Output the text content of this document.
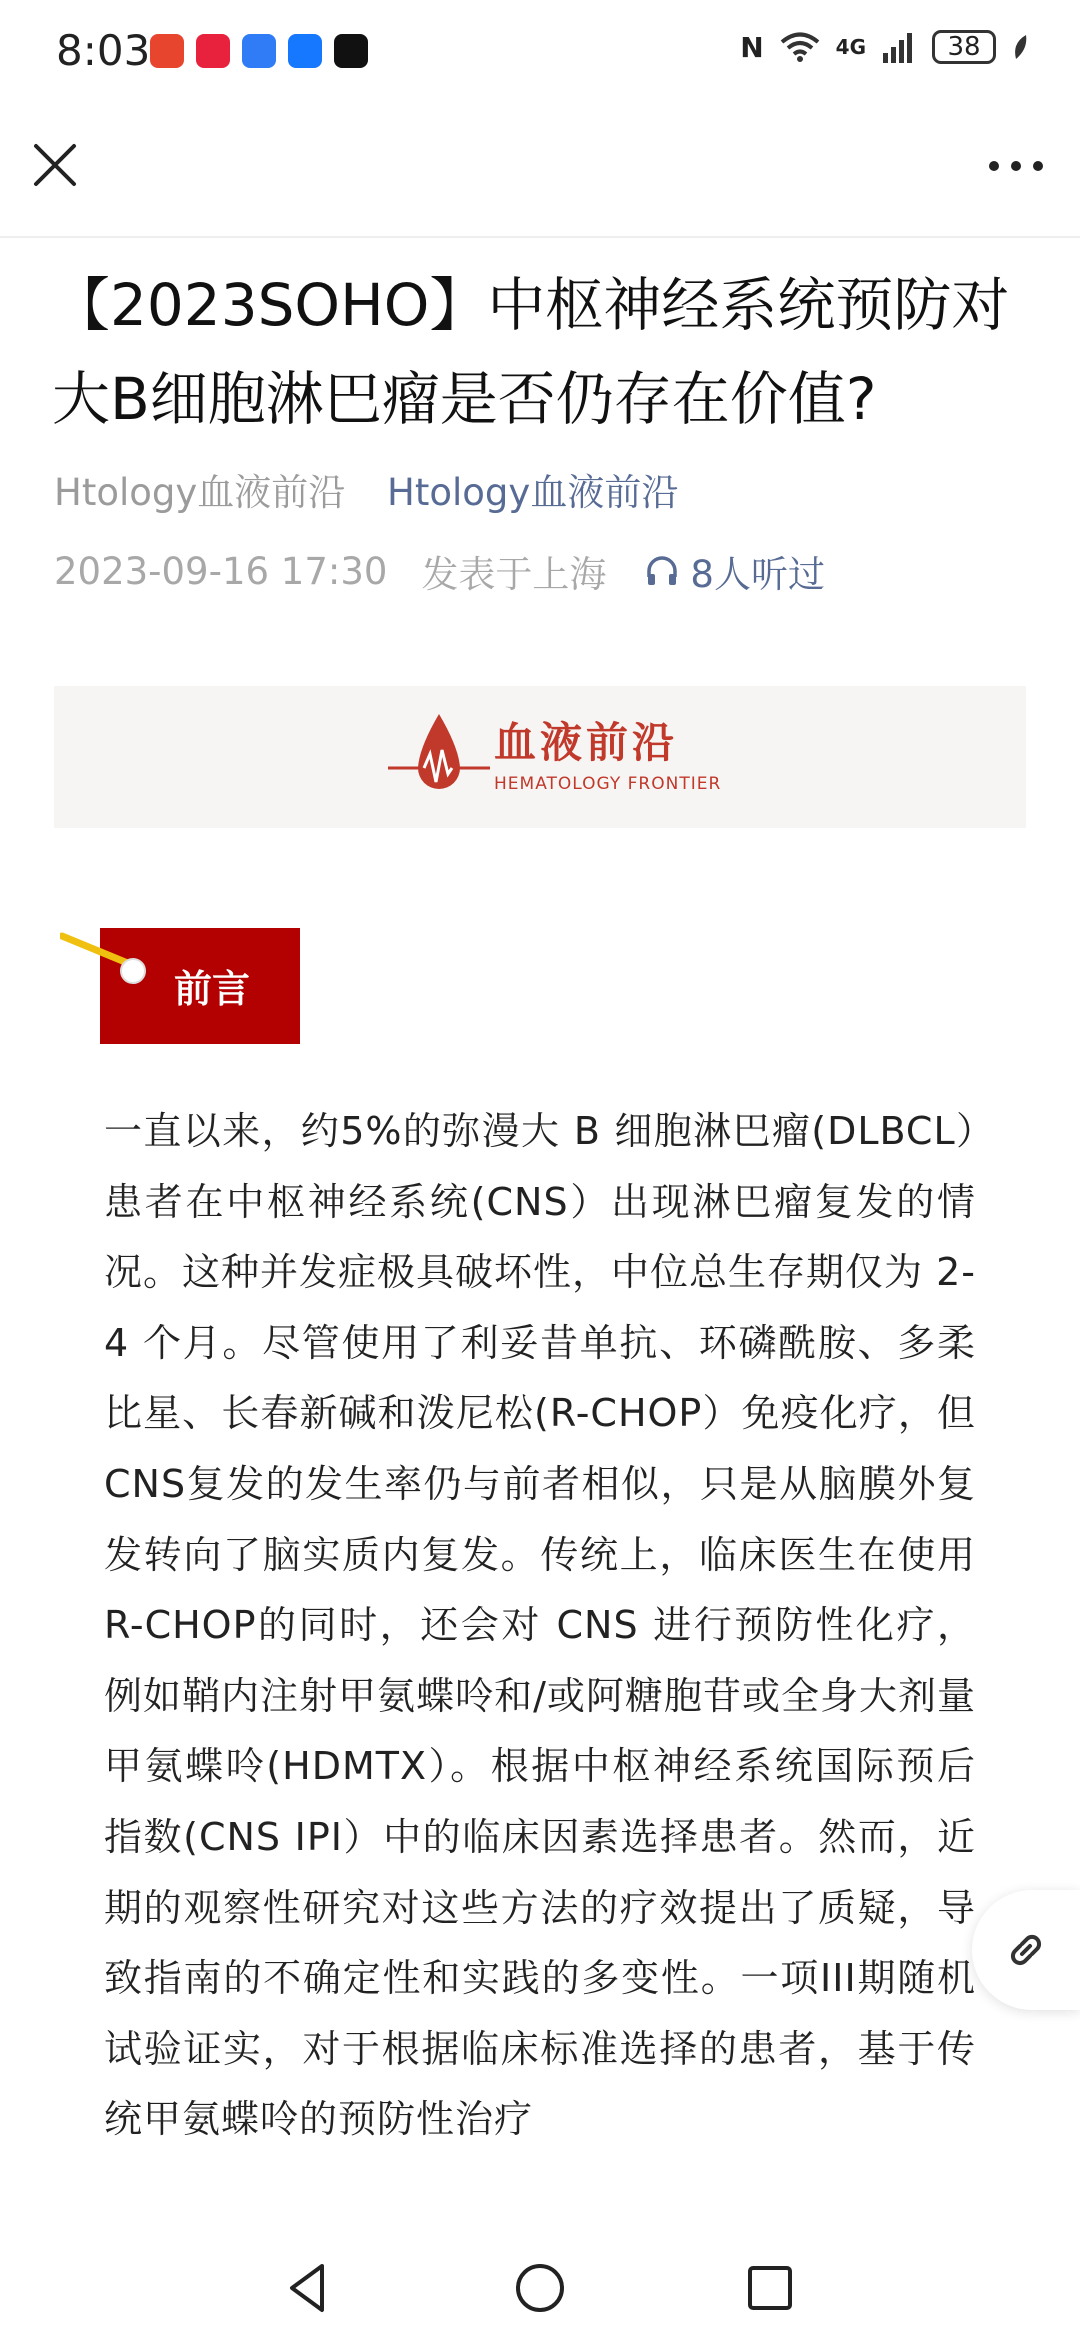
8:03	N	4G	38
【2023SOHO】中枢神经系统预防对大B细胞淋巴瘤是否仍存在价值?
Htology血液前沿 Htology血液前沿
2023-09-16 17:30 发表于上海 8人听过
血液前沿
HEMATOLOGY FRONTIER
前言

一直以来，约5%的弥漫大 B 细胞淋巴瘤(DLBCL）患者在中枢神经系统(CNS）出现淋巴瘤复发的情况。这种并发症极具破坏性，中位总生存期仅为 2-4 个月。尽管使用了利妥昔单抗、环磷酰胺、多柔比星、长春新碱和泼尼松(R-CHOP）免疫化疗，但CNS复发的发生率仍与前者相似，只是从脑膜外复发转向了脑实质内复发。传统上，临床医生在使用R-CHOP的同时，还会对 CNS 进行预防性化疗，例如鞘内注射甲氨蝶呤和/或阿糖胞苷或全身大剂量甲氨蝶呤(HDMTX）。根据中枢神经系统国际预后指数(CNS IPI）中的临床因素选择患者。然而，近期的观察性研究对这些方法的疗效提出了质疑，导致指南的不确定性和实践的多变性。一项III期随机试验证实，对于根据临床标准选择的患者，基于传统甲氨蝶呤的预防性治疗
